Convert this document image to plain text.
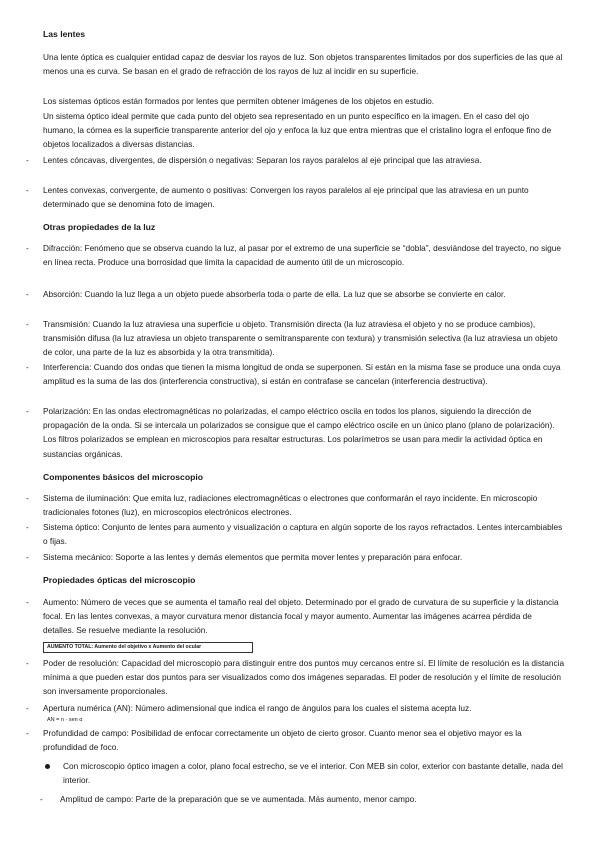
Las lentes
Una lente óptica es cualquier entidad capaz de desviar los rayos de luz. Son objetos transparentes limitados por dos superficies de las que al menos una es curva. Se basan en el grado de refracción de los rayos de luz al incidir en su superficie.
Los sistemas ópticos están formados por lentes que permiten obtener imágenes de los objetos en estudio.
Un sistema óptico ideal permite que cada punto del objeto sea representado en un punto específico en la imagen. En el caso del ojo humano, la córnea es la superficie transparente anterior del ojo y enfoca la luz que entra mientras que el cristalino logra el enfoque fino de objetos localizados a diversas distancias.
-	Lentes cóncavas, divergentes, de dispersión o negativas: Separan los rayos paralelos al eje principal que las atraviesa.
-	Lentes convexas, convergente, de aumento o positivas: Convergen los rayos paralelos al eje principal que las atraviesa en un punto determinado que se denomina foto de imagen.
Otras propiedades de la luz
-	Difracción: Fenómeno que se observa cuando la luz, al pasar por el extremo de una superficie se “dobla”, desviándose del trayecto, no sigue en línea recta. Produce una borrosidad que limita la capacidad de aumento útil de un microscopio.
-	Absorción: Cuando la luz llega a un objeto puede absorberla toda o parte de ella. La luz que se absorbe se convierte en calor.
-	Transmisión: Cuando la luz atraviesa una superficie u objeto. Transmisión directa (la luz atraviesa el objeto y no se produce cambios), transmisión difusa (la luz atraviesa un objeto transparente o semitransparente con textura) y transmisión selectiva (la luz atraviesa un objeto de color, una parte de la luz es absorbida y la otra transmitida).
-	Interferencia: Cuando dos ondas que tienen la misma longitud de onda se superponen. Si están en la misma fase se produce una onda cuya amplitud es la suma de las dos (interferencia constructiva), si están en contrafase se cancelan (interferencia destructiva).
-	Polarización: En las ondas electromagnéticas no polarizadas, el campo eléctrico oscila en todos los planos, siguiendo la dirección de propagación de la onda. Si se intercala un polarizados se consigue que el campo eléctrico oscile en un único plano (plano de polarización). Los filtros polarizados se emplean en microscopios para resaltar estructuras. Los polarímetros se usan para medir la actividad óptica en sustancias orgánicas.
Componentes básicos del microscopio
-	Sistema de iluminación: Que emita luz, radiaciones electromagnéticas o electrones que conformarán el rayo incidente. En microscopio tradicionales fotones (luz), en microscopios electrónicos electrones.
-	Sistema óptico: Conjunto de lentes para aumento y visualización o captura en algún soporte de los rayos refractados. Lentes intercambiables o fijas.
-	Sistema mecánico: Soporte a las lentes y demás elementos que permita mover lentes y preparación para enfocar.
Propiedades ópticas del microscopio
-	Aumento: Número de veces que se aumenta el tamaño real del objeto. Determinado por el grado de curvatura de su superficie y la distancia focal. En las lentes convexas, a mayor curvatura menor distancia focal y mayor aumento. Aumentar las imágenes acarrea pérdida de detalles. Se resuelve mediante la resolución.
AUMENTO TOTAL: Aumento del objetivo x Aumento del ocular
-	Poder de resolución: Capacidad del microscopio para distinguir entre dos puntos muy cercanos entre sí. El límite de resolución es la distancia mínima a que pueden estar dos puntos para ser visualizados como dos imágenes separadas. El poder de resolución y el límite de resolución son inversamente proporcionales.
-	Apertura numérica (AN): Número adimensional que indica el rango de ángulos para los cuales el sistema acepta luz.
AN = n · sen α
-	Profundidad de campo: Posibilidad de enfocar correctamente un objeto de cierto grosor. Cuanto menor sea el objetivo mayor es la profundidad de foco.
Con microscopio óptico imagen a color, plano focal estrecho, se ve el interior. Con MEB sin color, exterior con bastante detalle, nada del interior.
- Amplitud de campo: Parte de la preparación que se ve aumentada. Más aumento, menor campo.
